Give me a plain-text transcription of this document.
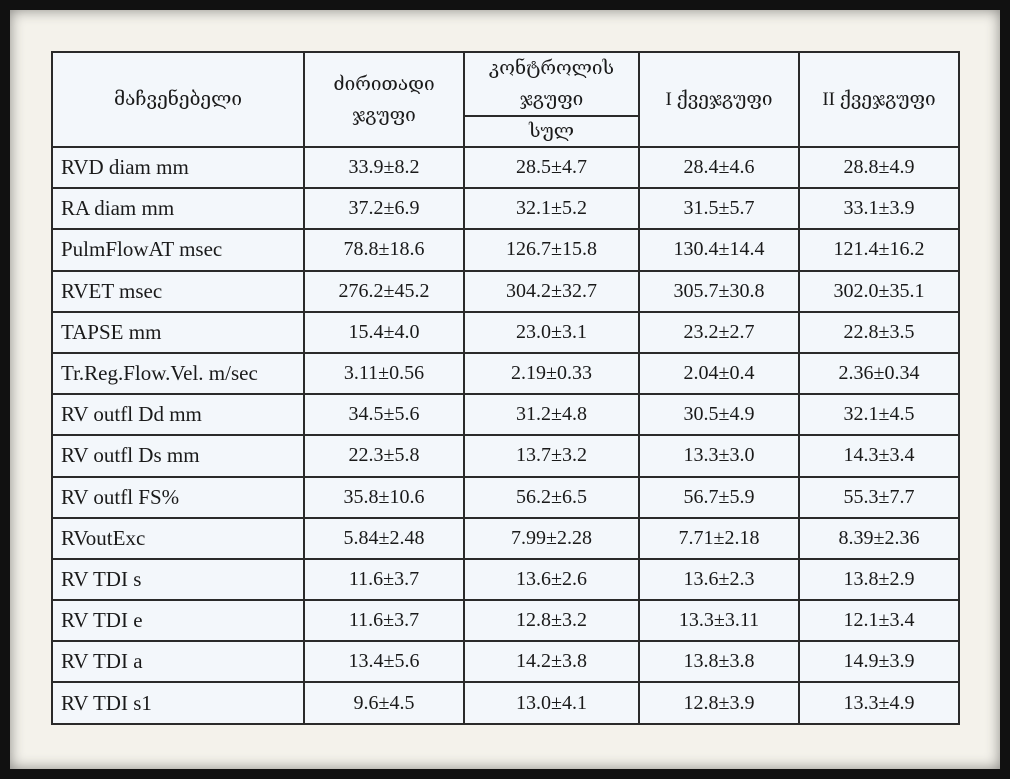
მაჩვენებელი	ძირითადი ჯგუფი	კონტროლის ჯგუფი	I ქვეჯგუფი	II ქვეჯგუფი
		სულ		
RVD diam mm	33.9±8.2	28.5±4.7	28.4±4.6	28.8±4.9
RA diam mm	37.2±6.9	32.1±5.2	31.5±5.7	33.1±3.9
PulmFlowAT msec	78.8±18.6	126.7±15.8	130.4±14.4	121.4±16.2
RVET msec	276.2±45.2	304.2±32.7	305.7±30.8	302.0±35.1
TAPSE mm	15.4±4.0	23.0±3.1	23.2±2.7	22.8±3.5
Tr.Reg.Flow.Vel. m/sec	3.11±0.56	2.19±0.33	2.04±0.4	2.36±0.34
RV outfl Dd mm	34.5±5.6	31.2±4.8	30.5±4.9	32.1±4.5
RV outfl Ds mm	22.3±5.8	13.7±3.2	13.3±3.0	14.3±3.4
RV outfl FS%	35.8±10.6	56.2±6.5	56.7±5.9	55.3±7.7
RVoutExc	5.84±2.48	7.99±2.28	7.71±2.18	8.39±2.36
RV TDI s	11.6±3.7	13.6±2.6	13.6±2.3	13.8±2.9
RV TDI e	11.6±3.7	12.8±3.2	13.3±3.11	12.1±3.4
RV TDI a	13.4±5.6	14.2±3.8	13.8±3.8	14.9±3.9
RV TDI s1	9.6±4.5	13.0±4.1	12.8±3.9	13.3±4.9
